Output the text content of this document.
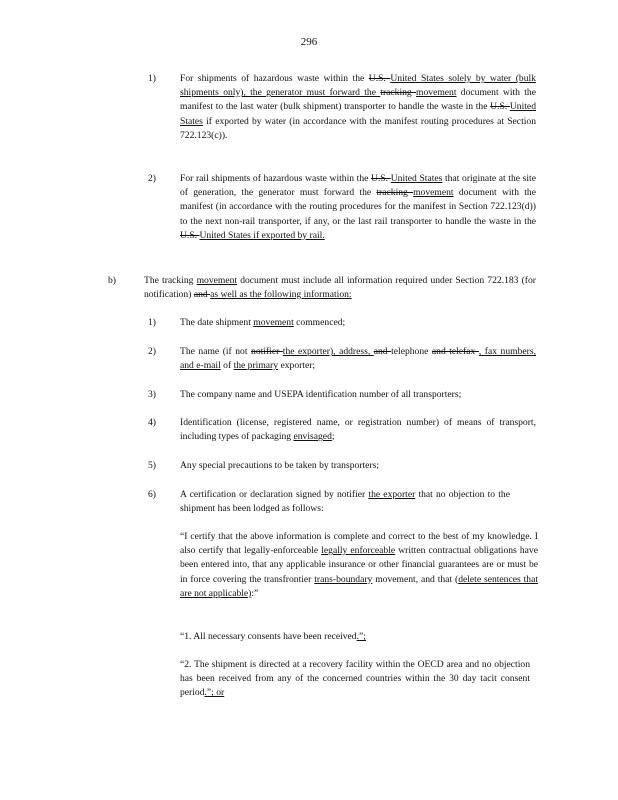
296
1)	For shipments of hazardous waste within the U.S. United States solely by water (bulk shipments only), the generator must forward the tracking movement document with the manifest to the last water (bulk shipment) transporter to handle the waste in the U.S. United States if exported by water (in accordance with the manifest routing procedures at Section 722.123(c)).

2)	For rail shipments of hazardous waste within the U.S. United States that originate at the site of generation, the generator must forward the tracking movement document with the manifest (in accordance with the routing procedures for the manifest in Section 722.123(d)) to the next non-rail transporter, if any, or the last rail transporter to handle the waste in the U.S. United States if exported by rail.

b)	The tracking movement document must include all information required under Section 722.183 (for notification) and as well as the following information:

1)	The date shipment movement commenced;

2)	The name (if not notifier the exporter), address, and telephone and telefax , fax numbers, and e-mail of the primary exporter;

3)	The company name and USEPA identification number of all transporters;

4)	Identification (license, registered name, or registration number) of means of transport, including types of packaging envisaged;

5)	Any special precautions to be taken by transporters;

6)	A certification or declaration signed by notifier the exporter that no objection to the shipment has been lodged as follows:

“I certify that the above information is complete and correct to the best of my knowledge. I also certify that legally-enforceable legally enforceable written contractual obligations have been entered into, that any applicable insurance or other financial guarantees are or must be in force covering the transfrontier trans-boundary movement, and that (delete sentences that are not applicable):”

“1. All necessary consents have been received.”;

“2. The shipment is directed at a recovery facility within the OECD area and no objection has been received from any of the concerned countries within the 30 day tacit consent period.”; or
